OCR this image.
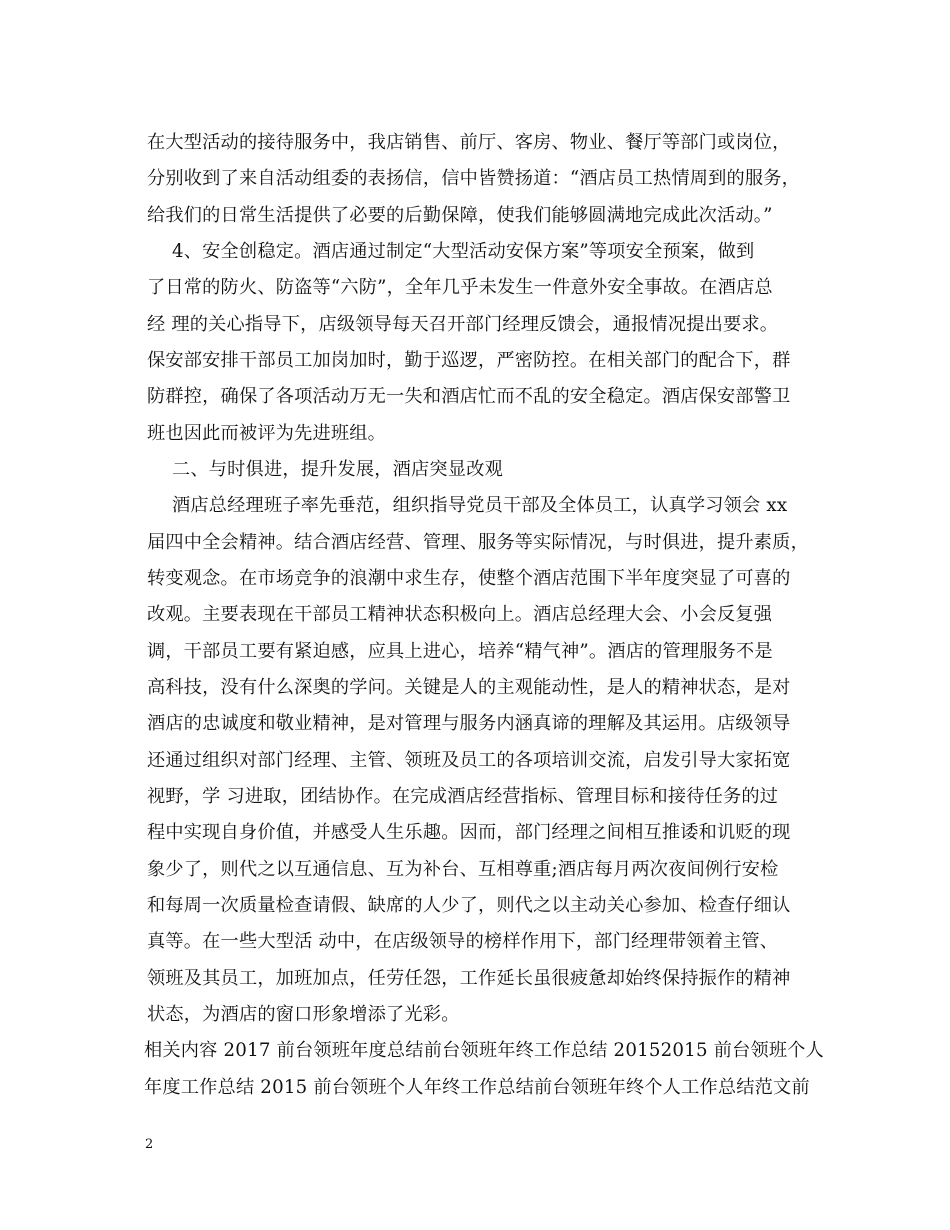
在大型活动的接待服务中，我店销售、前厅、客房、物业、餐厅等部门或岗位，
分别收到了来自活动组委的表扬信，信中皆赞扬道：“酒店员工热情周到的服务，
给我们的日常生活提供了必要的后勤保障，使我们能够圆满地完成此次活动。”
4、安全创稳定。酒店通过制定“大型活动安保方案”等项安全预案，做到
了日常的防火、防盗等“六防”，全年几乎未发生一件意外安全事故。在酒店总
经 理的关心指导下，店级领导每天召开部门经理反馈会，通报情况提出要求。
保安部安排干部员工加岗加时，勤于巡逻，严密防控。在相关部门的配合下，群
防群控，确保了各项活动万无一失和酒店忙而不乱的安全稳定。酒店保安部警卫
班也因此而被评为先进班组。
二、与时俱进，提升发展，酒店突显改观
酒店总经理班子率先垂范，组织指导党员干部及全体员工，认真学习领会 xx
届四中全会精神。结合酒店经营、管理、服务等实际情况，与时俱进，提升素质，
转变观念。在市场竞争的浪潮中求生存，使整个酒店范围下半年度突显了可喜的
改观。主要表现在干部员工精神状态积极向上。酒店总经理大会、小会反复强
调，干部员工要有紧迫感，应具上进心，培养“精气神”。酒店的管理服务不是
高科技，没有什么深奥的学问。关键是人的主观能动性，是人的精神状态，是对
酒店的忠诚度和敬业精神，是对管理与服务内涵真谛的理解及其运用。店级领导
还通过组织对部门经理、主管、领班及员工的各项培训交流，启发引导大家拓宽
视野，学 习进取，团结协作。在完成酒店经营指标、管理目标和接待任务的过
程中实现自身价值，并感受人生乐趣。因而，部门经理之间相互推诿和讥贬的现
象少了，则代之以互通信息、互为补台、互相尊重;酒店每月两次夜间例行安检
和每周一次质量检查请假、缺席的人少了，则代之以主动关心参加、检查仔细认
真等。在一些大型活 动中，在店级领导的榜样作用下，部门经理带领着主管、
领班及其员工，加班加点，任劳任怨，工作延长虽很疲惫却始终保持振作的精神
状态，为酒店的窗口形象增添了光彩。
相关内容 2017 前台领班年度总结前台领班年终工作总结 20152015 前台领班个人
年度工作总结 2015 前台领班个人年终工作总结前台领班年终个人工作总结范文前
2
